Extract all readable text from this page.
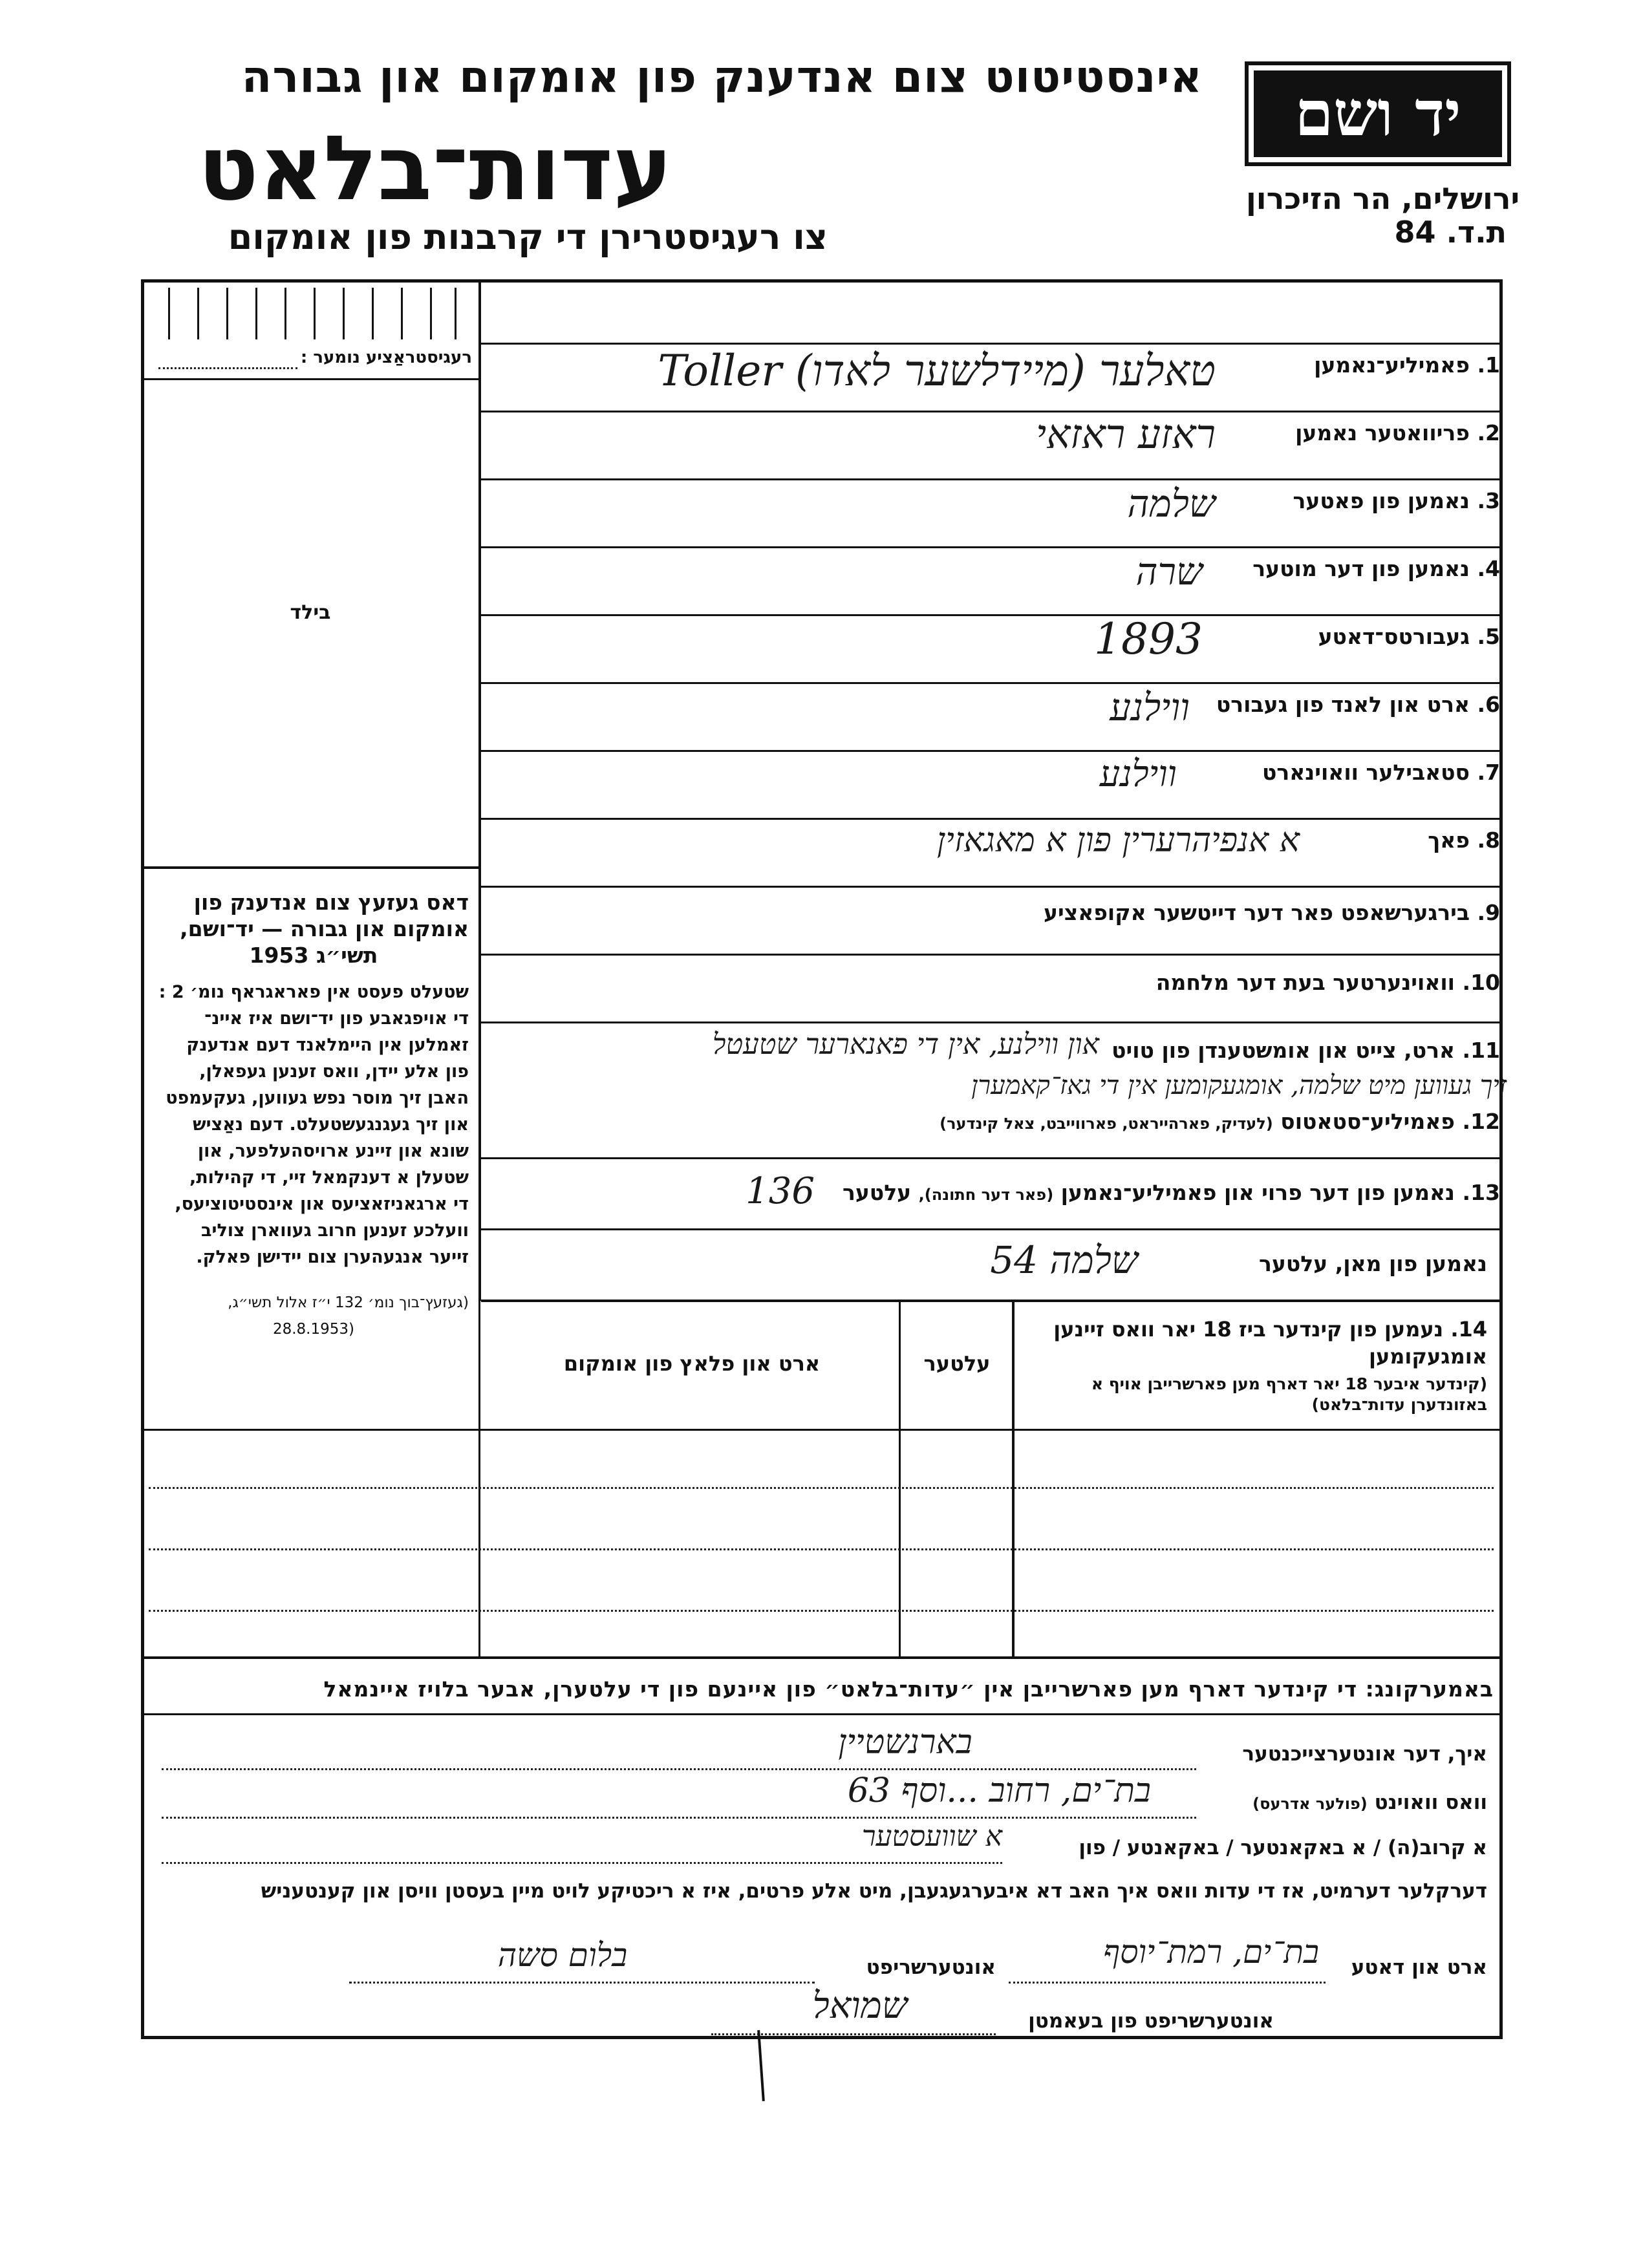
אינסטיטוט צום אנדענק פון אומקום און גבורה
עדות־בלאט
צו רעגיסטרירן די קרבנות פון אומקום
יד ושם
ירושלים, הר הזיכרון
ת.ד. 84
רעגיסטראַציע נומער :
בילד
דאס געזעץ צום אנדענק פון
אומקום און גבורה — יד־ושם,
תשי״ג 1953
שטעלט פעסט אין פאראגראף נומ׳ 2 :
די אויפגאבע פון יד־ושם איז איינ־
זאמלען אין היימלאנד דעם אנדענק
פון אלע יידן, וואס זענען געפאלן,
האבן זיך מוסר נפש געווען, געקעמפט
און זיך געגנגעשטעלט. דעם נאַציש
שונא און זיינע ארויסהעלפער, און
שטעלן א דענקמאל זיי, די קהילות,
די ארגאניזאציעס און אינסטיטוציעס,
וועלכע זענען חרוב געווארן צוליב
זייער אנגעהערן צום יידישן פאלק.
(געזעץ־בוך נומ׳ 132 י״ז אלול תשי״ג,
(28.8.1953
1. פאמיליע־נאמען
טאלער (מיידלשער לאדו) Toller
2. פריוואטער נאמען
ראזע ראזאי
3. נאמען פון פאטער
שלמה
4. נאמען פון דער מוטער
שרה
5. געבורטס־דאטע
1893
6. ארט און לאנד פון געבורט
ווילנע
7. סטאבילער וואוינארט
ווילנע
8. פאך
א אנפיהרערין פון א מאגאזין
9. בירגערשאפט פאר דער דייטשער אקופאציע
10. וואוינערטער בעת דער מלחמה
11. ארט, צייט און אומשטענדן פון טויט
און ווילנע, אין די פאנארער שטעטל
12. פאמיליע־סטאטוס (לעדיק, פארהייראט, פארווייבט, צאל קינדער)
זיך געווען מיט שלמה, אומגעקומען אין די גאז־קאמערן
13. נאמען פון דער פרוי און פאמיליע־נאמען (פאר דער חתונה), עלטער
136
נאמען פון מאן, עלטער
שלמה 54
14. נעמען פון קינדער ביז 18 יאר וואס זיינען אומגעקומען
(קינדער איבער 18 יאר דארף מען פארשרייבן אויף א באזונדערן עדות־בלאט)
עלטער
ארט און פלאץ פון אומקום
באמערקונג: די קינדער דארף מען פארשרייבן אין ״עדות־בלאט״ פון איינעם פון די עלטערן, אבער בלויז איינמאל
איך, דער אונטערצייכנטער
בארנשטיין
וואס וואוינט (פולער אדרעס)
בת־ים, רחוב ...וסף 63
א קרוב(ה) / א באקאנטער / באקאנטע / פון
א שוועסטער
דערקלער דערמיט, אז די עדות וואס איך האב דא איבערגעגעבן, מיט אלע פרטים, איז א ריכטיקע לויט מיין בעסטן וויסן און קענטעניש
ארט און דאטע
בת־ים, רמת־יוסף
אונטערשריפט
בלום סשה
אונטערשריפט פון בעאמטן
שמואל
